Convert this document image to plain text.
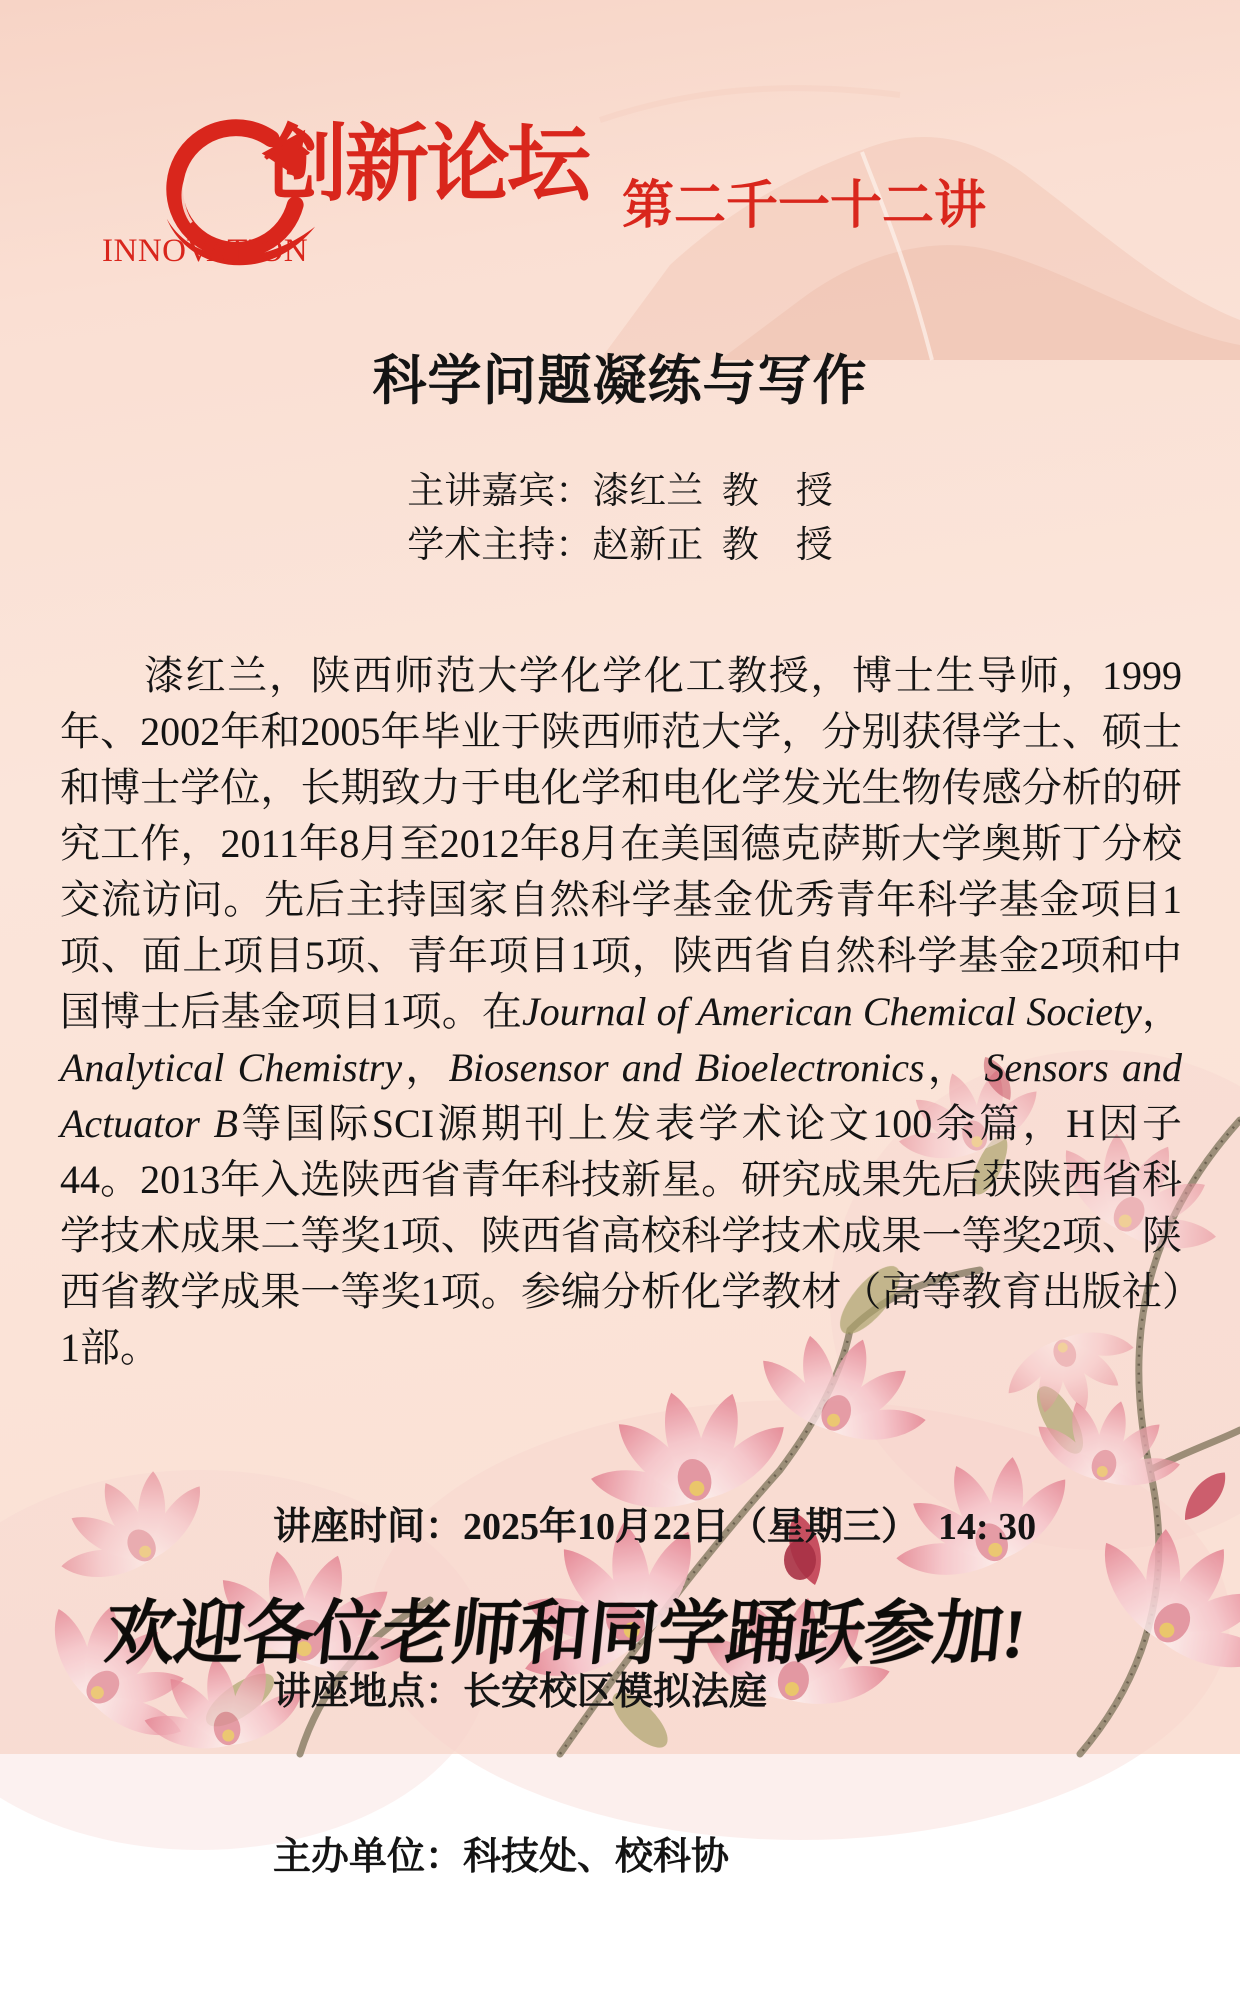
创新论坛 第二千一十二讲
INNOVATION
科学问题凝练与写作
主讲嘉宾：漆红兰  教    授
学术主持：赵新正  教    授

漆红兰，陕西师范大学化学化工教授，博士生导师，1999年、2002年和2005年毕业于陕西师范大学，分别获得学士、硕士和博士学位，长期致力于电化学和电化学发光生物传感分析的研究工作，2011年8月至2012年8月在美国德克萨斯大学奥斯丁分校交流访问。先后主持国家自然科学基金优秀青年科学基金项目1项、面上项目5项、青年项目1项，陕西省自然科学基金2项和中国博士后基金项目1项。在Journal of American Chemical Society，Analytical Chemistry，Biosensor and Bioelectronics， Sensors and Actuator B等国际SCI源期刊上发表学术论文100余篇，H因子44。2013年入选陕西省青年科技新星。研究成果先后获陕西省科学技术成果二等奖1项、陕西省高校科学技术成果一等奖2项、陕西省教学成果一等奖1项。参编分析化学教材（高等教育出版社）1部。

讲座时间：2025年10月22日（星期三）  14: 30

讲座地点：长安校区模拟法庭

主办单位：科技处、校科协

欢迎各位老师和同学踊跃参加!
